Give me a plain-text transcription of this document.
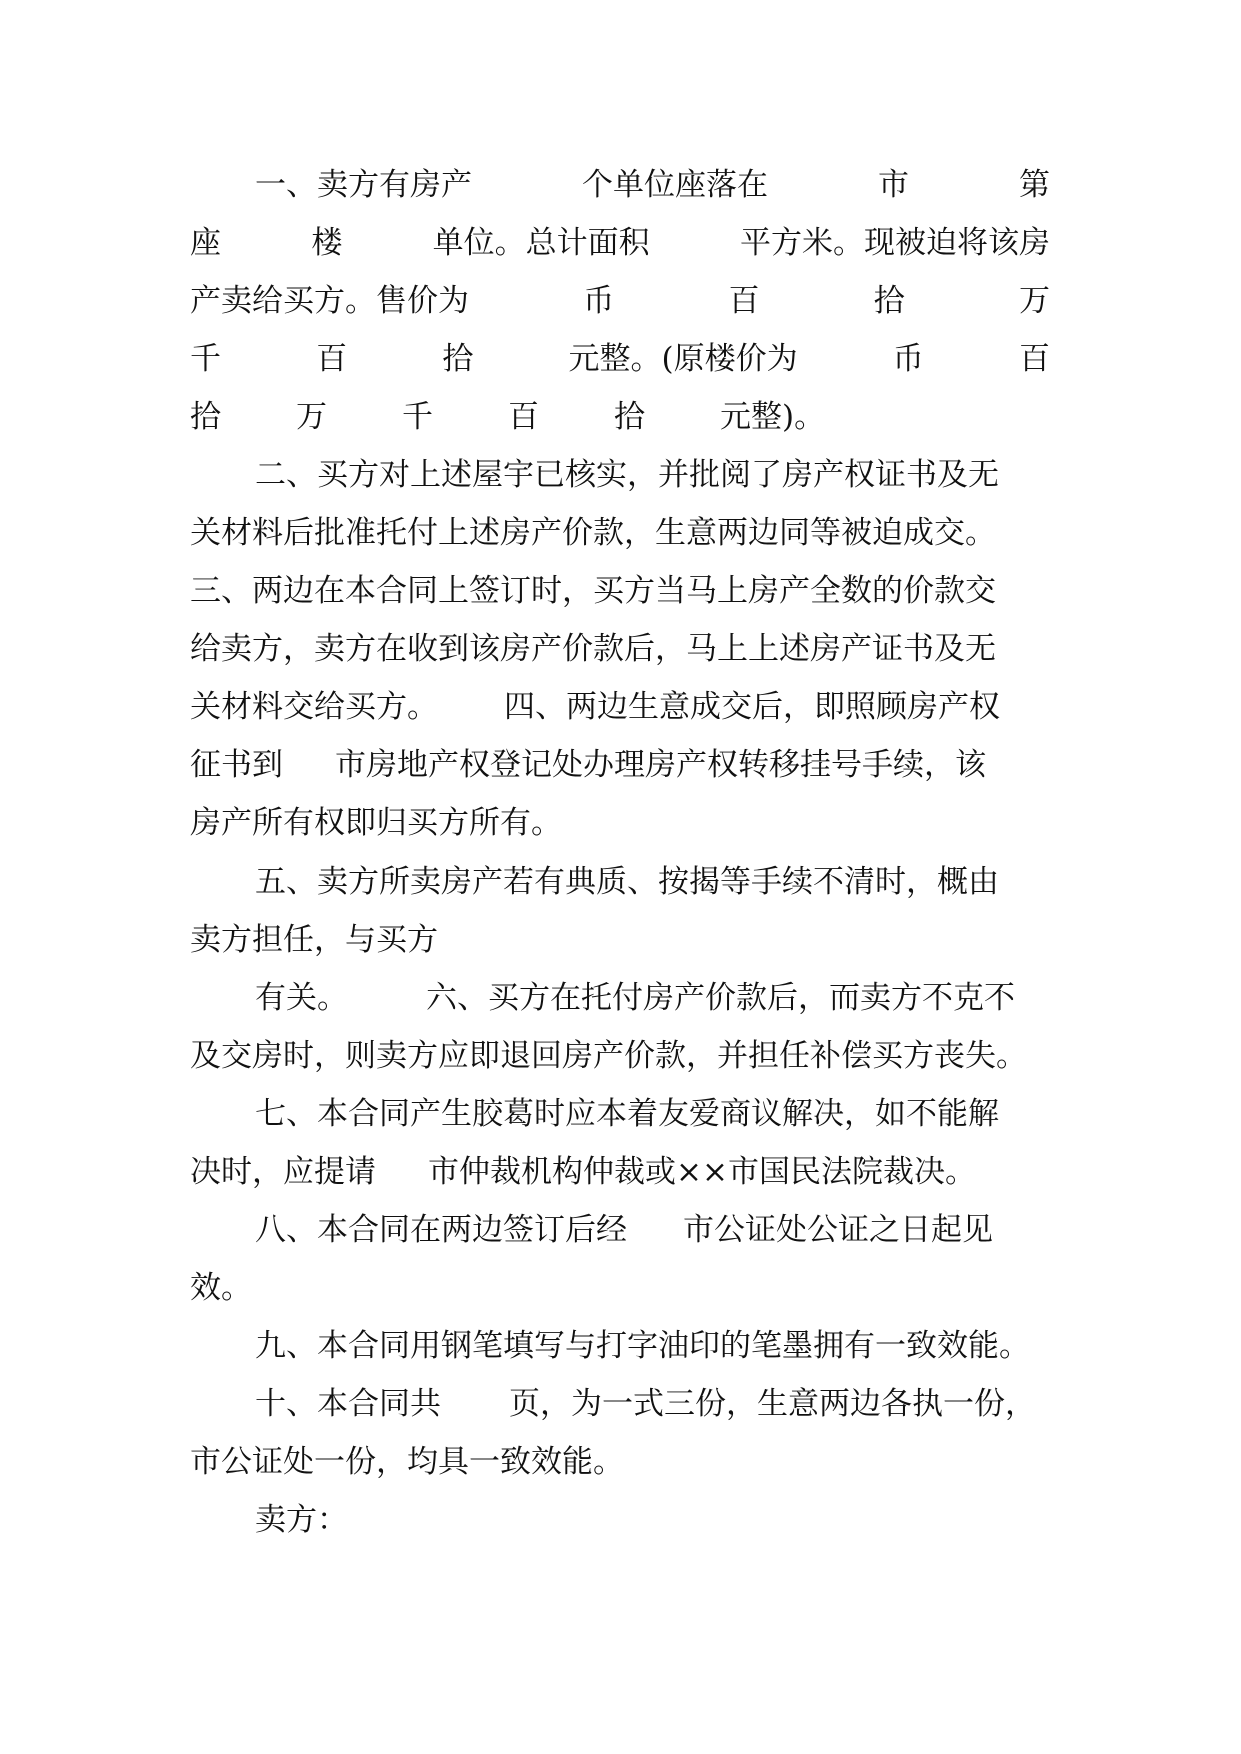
一、卖方有房产	个单位座落在	市	第
座	楼	单位。总计面积	平方米。现被迫将该房
产卖给买方。售价为	币	百	拾	万
千	百	拾	元整。(原楼价为	币	百
拾 万 千 百 拾 元整)。
二、买方对上述屋宇已核实，并批阅了房产权证书及无
关材料后批准托付上述房产价款，生意两边同等被迫成交。
三、两边在本合同上签订时，买方当马上房产全数的价款交
给卖方，卖方在收到该房产价款后，马上上述房产证书及无
关材料交给买方。 四、两边生意成交后，即照顾房产权
征书到 市房地产权登记处办理房产权转移挂号手续，该
房产所有权即归买方所有。
五、卖方所卖房产若有典质、按揭等手续不清时，概由
卖方担任，与买方
有关。	六、买方在托付房产价款后，而卖方不克不
及交房时，则卖方应即退回房产价款，并担任补偿买方丧失。
七、本合同产生胶葛时应本着友爱商议解决，如不能解
决时，应提请 市仲裁机构仲裁或××市国民法院裁决。
八、本合同在两边签订后经 市公证处公证之日起见
效。
九、本合同用钢笔填写与打字油印的笔墨拥有一致效能。
十、本合同共 页，为一式三份，生意两边各执一份，
市公证处一份，均具一致效能。
卖方：
